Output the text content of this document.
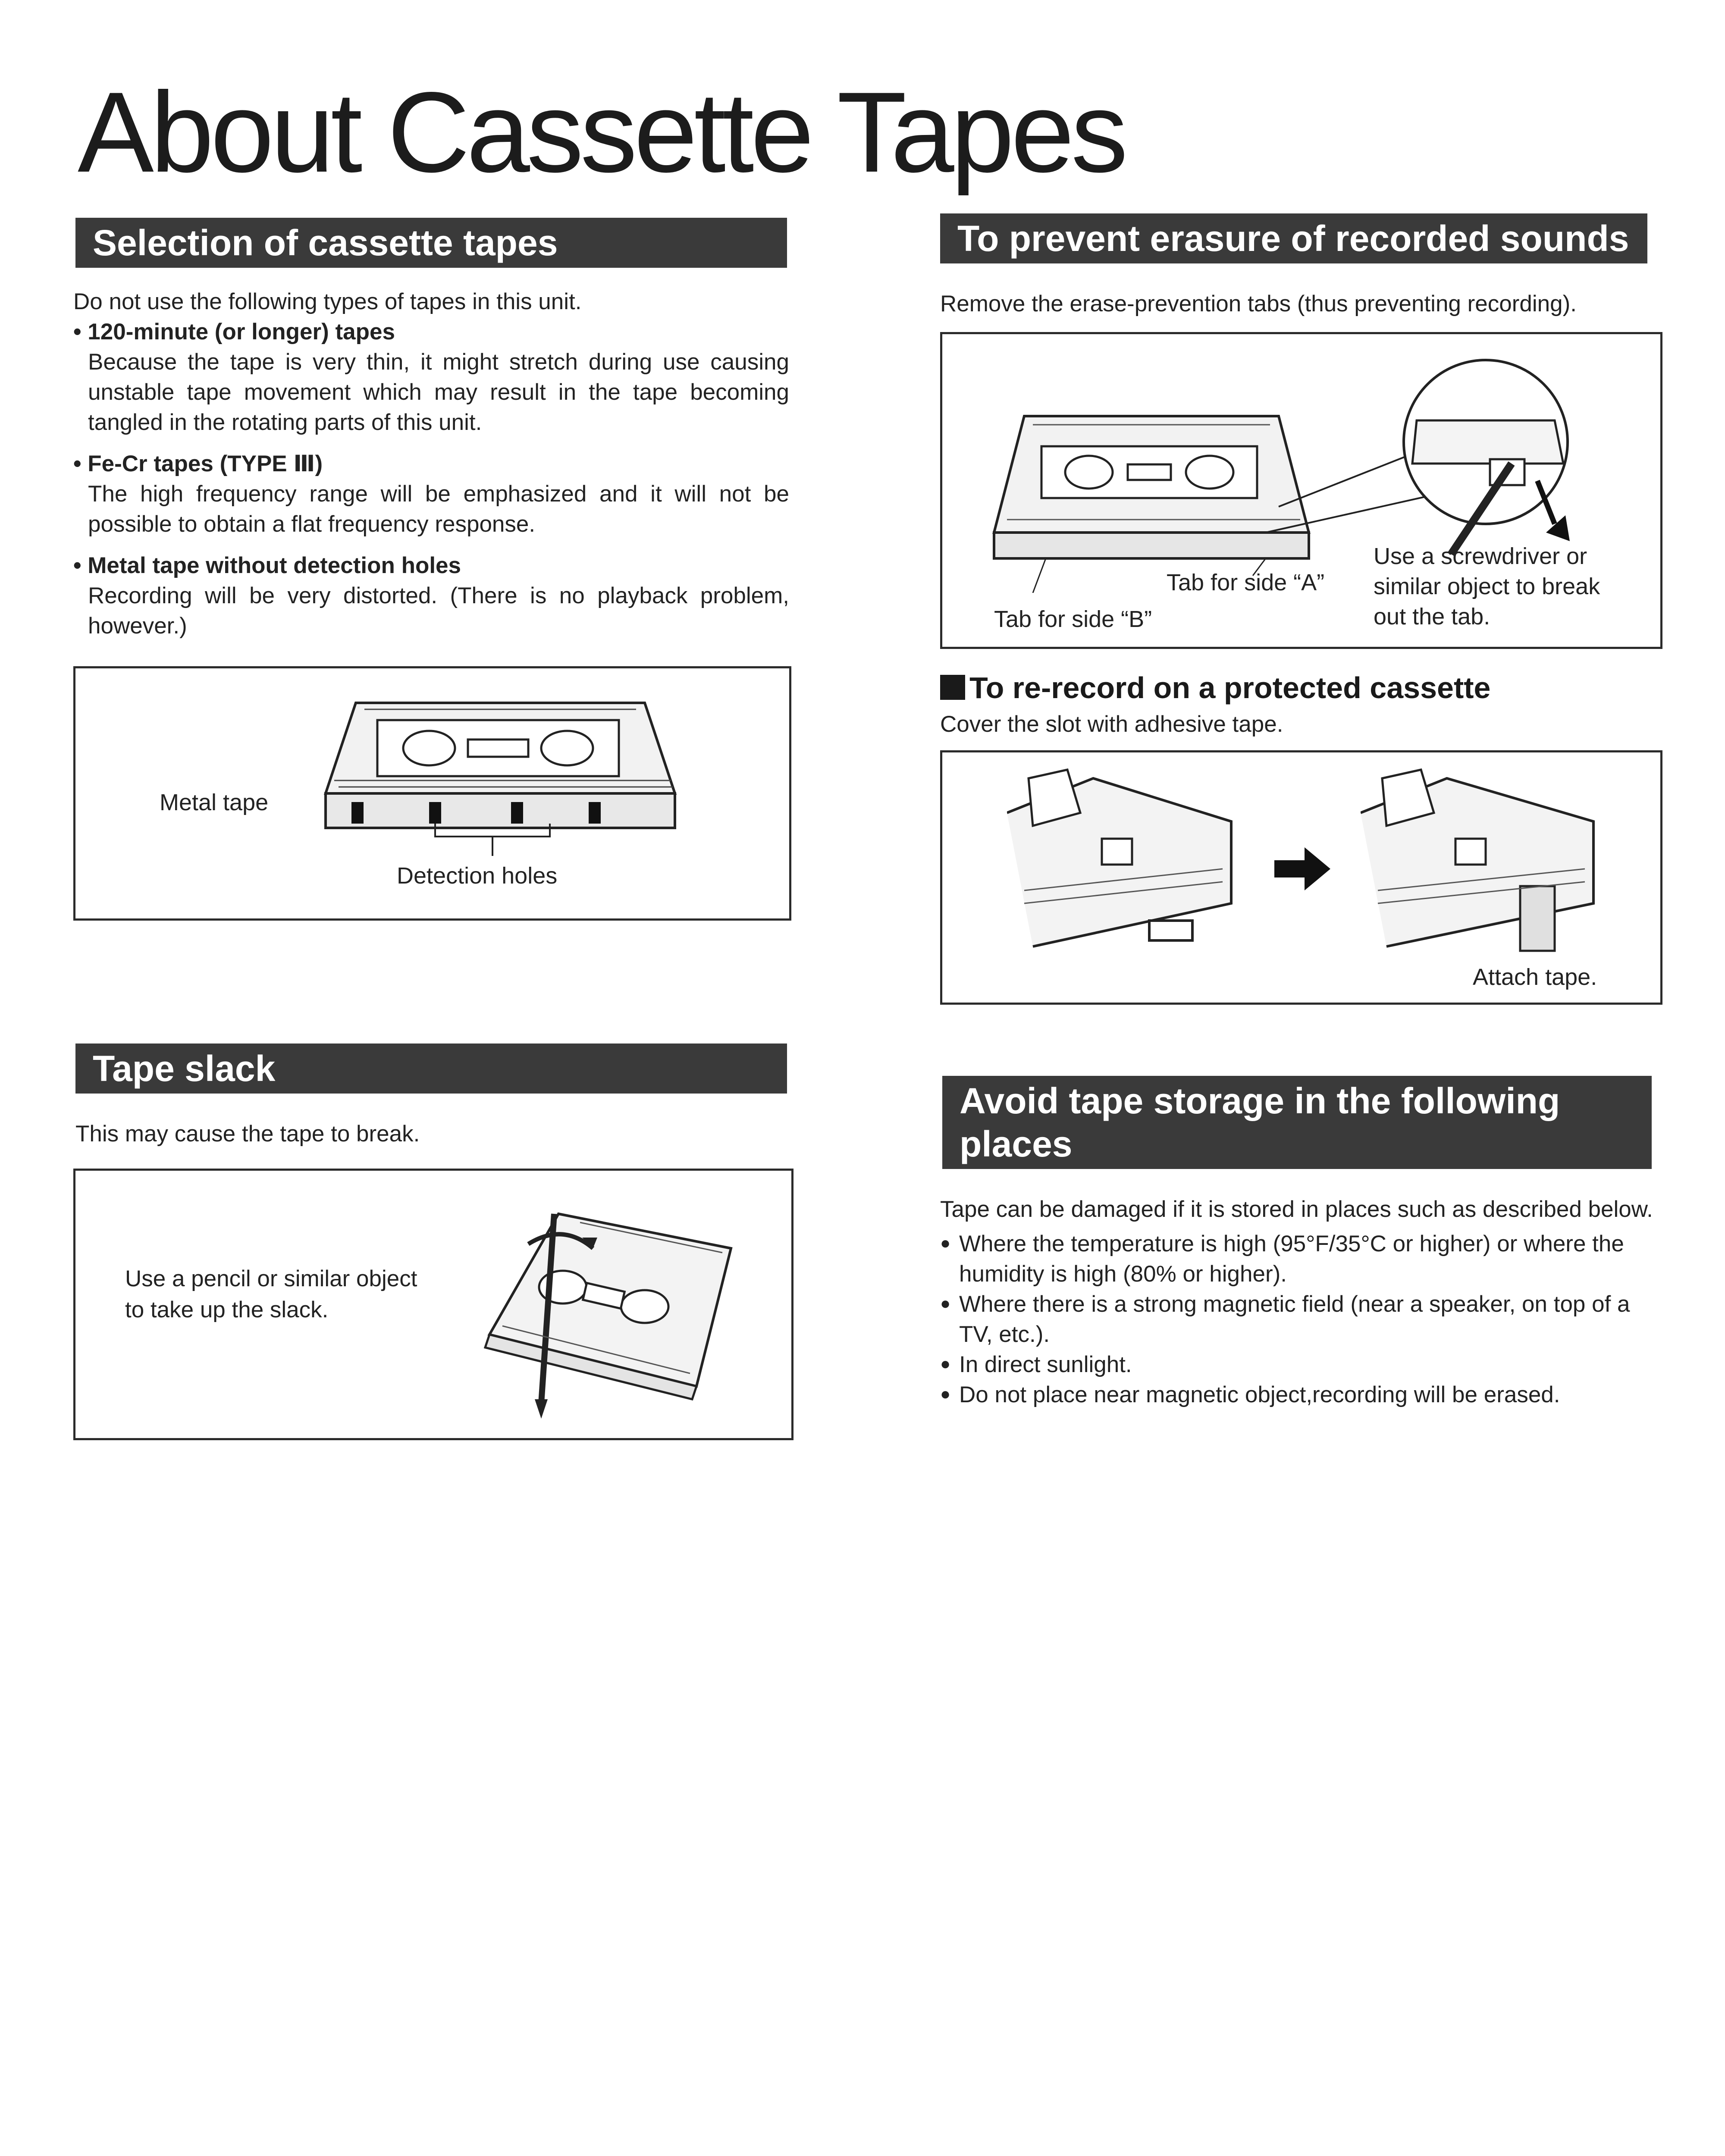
About Cassette Tapes
Selection of cassette tapes

Do not use the following types of tapes in this unit.

• 120-minute (or longer) tapes

Because the tape is very thin, it might stretch during use causing unstable tape movement which may result in the tape becoming tangled in the rotating parts of this unit.

• Fe-Cr tapes (TYPE Ⅲ)

The high frequency range will be emphasized and it will not be possible to obtain a flat frequency response.

• Metal tape without detection holes

Recording will be very distorted. (There is no playback problem, however.)

Metal tape
Detection holes
Tape slack

This may cause the tape to break.

Use a pencil or similar object to take up the slack.

To prevent erasure of recorded sounds

Remove the erase-prevention tabs (thus preventing recording).

Tab for side “A”
Tab for side “B”

Use a screwdriver or similar object to break out the tab.

To re-record on a protected cassette

Cover the slot with adhesive tape.

Attach tape.
Avoid tape storage in the following places

Tape can be damaged if it is stored in places such as described below.

● Where the temperature is high (95°F/35°C or higher) or where the humidity is high (80% or higher).
● Where there is a strong magnetic field (near a speaker, on top of a TV, etc.).
● In direct sunlight.
● Do not place near magnetic object,recording will be erased.
